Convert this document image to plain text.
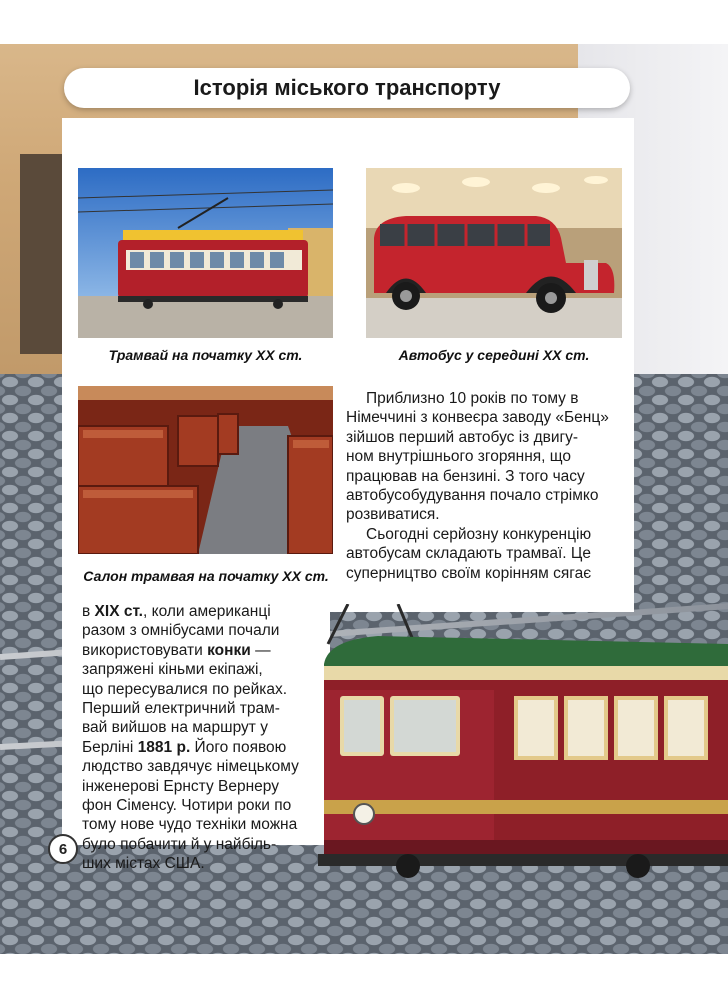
Історія міського транспорту
Трамвай на початку ХХ ст.	Автобус у середині ХХ ст.
Салон трамвая на початку ХХ ст.

Приблизно 10 років по тому в

Німеччині з конвеєра заводу «Бенц»

зійшов перший автобус із двигу-

ном внутрішнього згоряння, що

працював на бензині. З того часу

автобусобудування почало стрімко

розвиватися.

Сьогодні серйозну конкуренцію

автобусам складають трамваї. Це

суперництво своїм корінням сягає

в XIX ст., коли американці

разом з омнібусами почали

використовувати конки —

запряжені кіньми екіпажі,

що пересувалися по рейках.

Перший електричний трам-

вай вийшов на маршрут у

Берліні 1881 р. Його появою

людство завдячує німецькому

інженерові Ернсту Вернеру

фон Сіменсу. Чотири роки по

тому нове чудо техніки можна

було побачити й у найбіль-

ших містах США.

6
